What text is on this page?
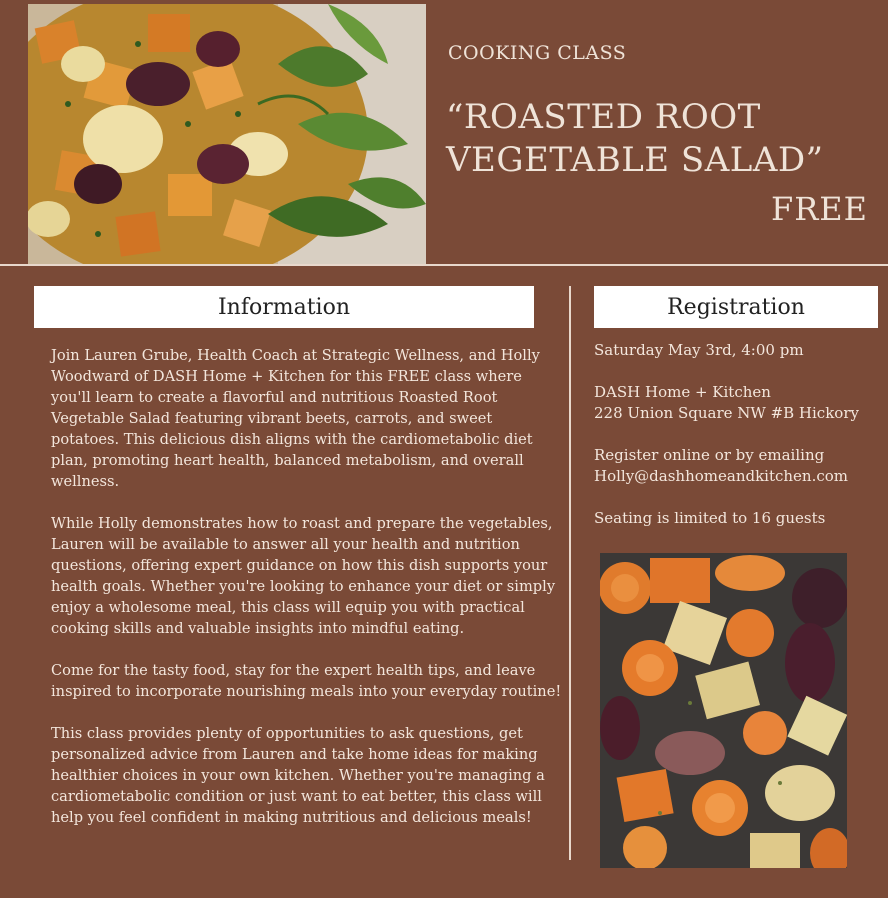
COOKING CLASS
“ROASTED ROOT
VEGETABLE SALAD”
FREE
Information	Registration

Join Lauren Grube, Health Coach at Strategic Wellness, and Holly Woodward of DASH Home + Kitchen for this FREE class where you'll learn to create a flavorful and nutritious Roasted Root Vegetable Salad featuring vibrant beets, carrots, and sweet potatoes. This delicious dish aligns with the cardiometabolic diet plan, promoting heart health, balanced metabolism, and overall wellness.

While Holly demonstrates how to roast and prepare the vegetables, Lauren will be available to answer all your health and nutrition questions, offering expert guidance on how this dish supports your health goals. Whether you're looking to enhance your diet or simply enjoy a wholesome meal, this class will equip you with practical cooking skills and valuable insights into mindful eating.

Come for the tasty food, stay for the expert health tips, and leave inspired to incorporate nourishing meals into your everyday routine!

This class provides plenty of opportunities to ask questions, get personalized advice from Lauren and take home ideas for making healthier choices in your own kitchen. Whether you're managing a cardiometabolic condition or just want to eat better, this class will help you feel confident in making nutritious and delicious meals!

Saturday May 3rd, 4:00 pm

DASH Home + Kitchen
228 Union Square NW #B Hickory

Register online or by emailing
Holly@dashhomeandkitchen.com

Seating is limited to 16 guests
